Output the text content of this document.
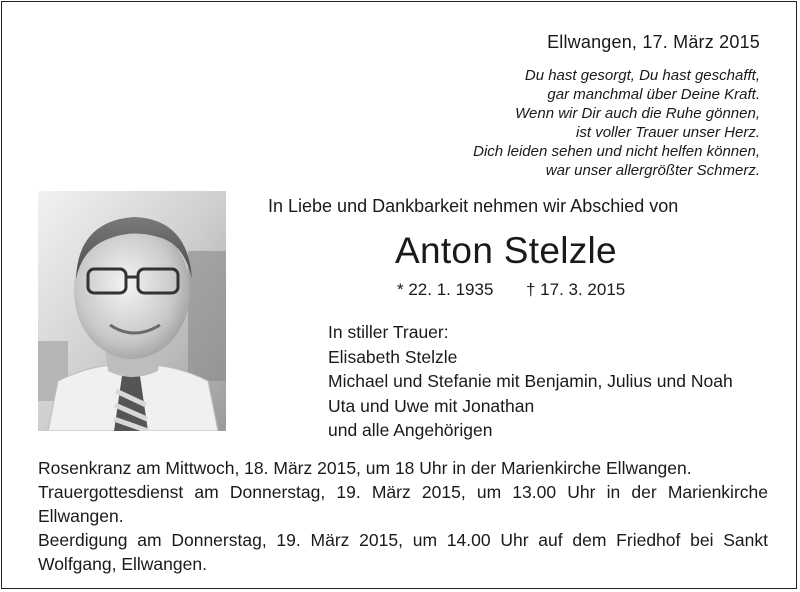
Ellwangen, 17. März 2015
Du hast gesorgt, Du hast geschafft,
gar manchmal über Deine Kraft.
Wenn wir Dir auch die Ruhe gönnen,
ist voller Trauer unser Herz.
Dich leiden sehen und nicht helfen können,
war unser allergrößter Schmerz.
In Liebe und Dankbarkeit nehmen wir Abschied von
Anton Stelzle
* 22. 1. 1935 † 17. 3. 2015
In stiller Trauer:
Elisabeth Stelzle
Michael und Stefanie mit Benjamin, Julius und Noah
Uta und Uwe mit Jonathan
und alle Angehörigen

Rosenkranz am Mittwoch, 18. März 2015, um 18 Uhr in der Marienkirche Ellwangen.

Trauergottesdienst am Donnerstag, 19. März 2015, um 13.00 Uhr in der Marienkirche Ellwangen.

Beerdigung am Donnerstag, 19. März 2015, um 14.00 Uhr auf dem Friedhof bei Sankt Wolfgang, Ellwangen.
